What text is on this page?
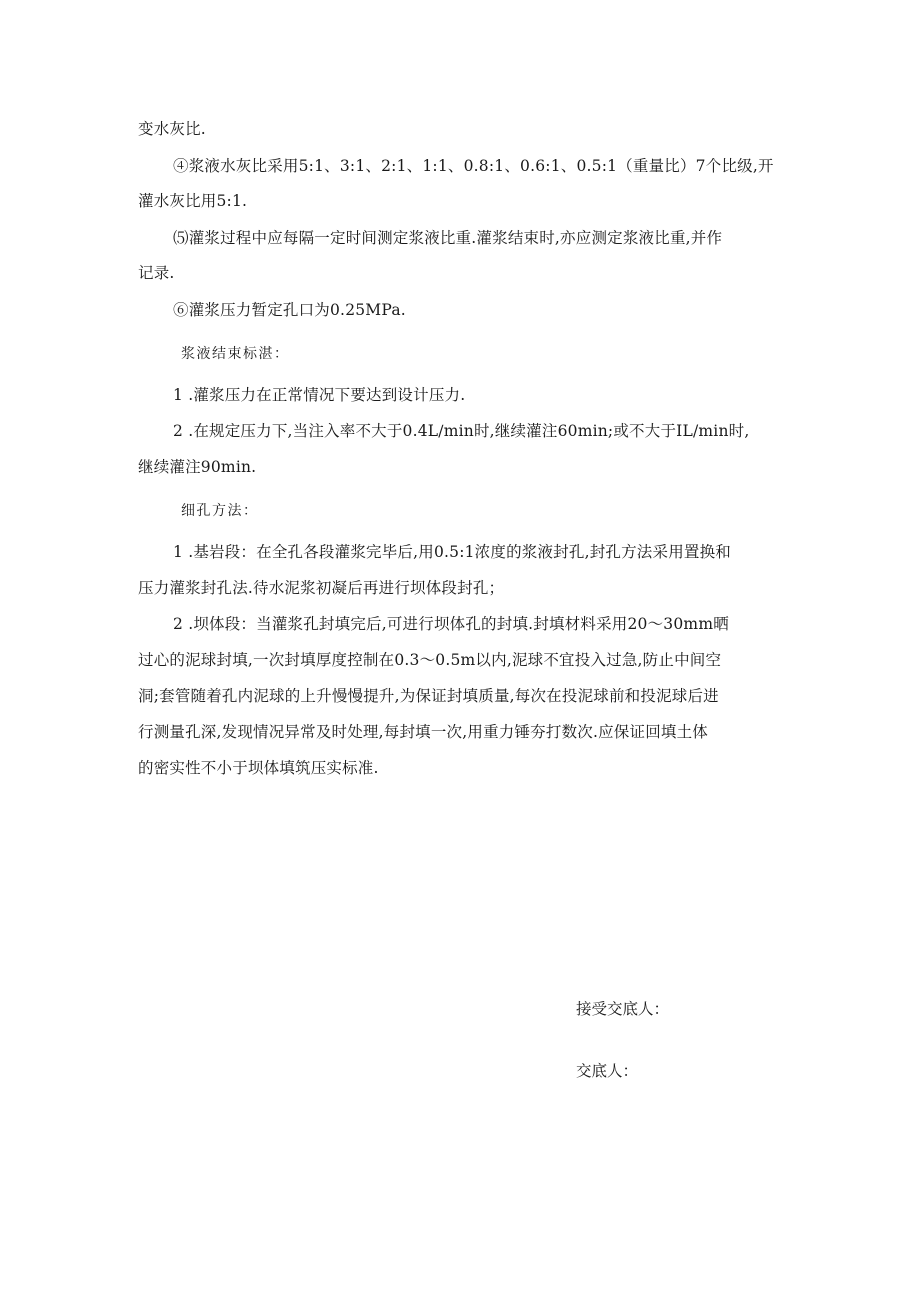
变水灰比.
④浆液水灰比采用5:1、3:1、2:1、1:1、0.8:1、0.6:1、0.5:1（重量比）7个比级,开
灌水灰比用5:1.
⑸灌浆过程中应每隔一定时间测定浆液比重.灌浆结束时,亦应测定浆液比重,并作
记录.
⑥灌浆压力暂定孔口为0.25MPa.
浆液结束标湛：
1 .灌浆压力在正常情况下要达到设计压力.
2 .在规定压力下,当注入率不大于0.4L∕min时,继续灌注60min;或不大于IL/min时,
继续灌注90min.
细孔方法：
1 .基岩段：在全孔各段灌浆完毕后,用0.5:1浓度的浆液封孔,封孔方法采用置换和
压力灌浆封孔法.待水泥浆初凝后再进行坝体段封孔；
2 .坝体段：当灌浆孔封填完后,可进行坝体孔的封填.封填材料采用20〜30mm晒
过心的泥球封填,一次封填厚度控制在0.3〜0.5m以内,泥球不宜投入过急,防止中间空
洞;套管随着孔内泥球的上升慢慢提升,为保证封填质量,每次在投泥球前和投泥球后进
行测量孔深,发现情况异常及时处理,每封填一次,用重力锤夯打数次.应保证回填土体
的密实性不小于坝体填筑压实标准.
接受交底人：
交底人：
